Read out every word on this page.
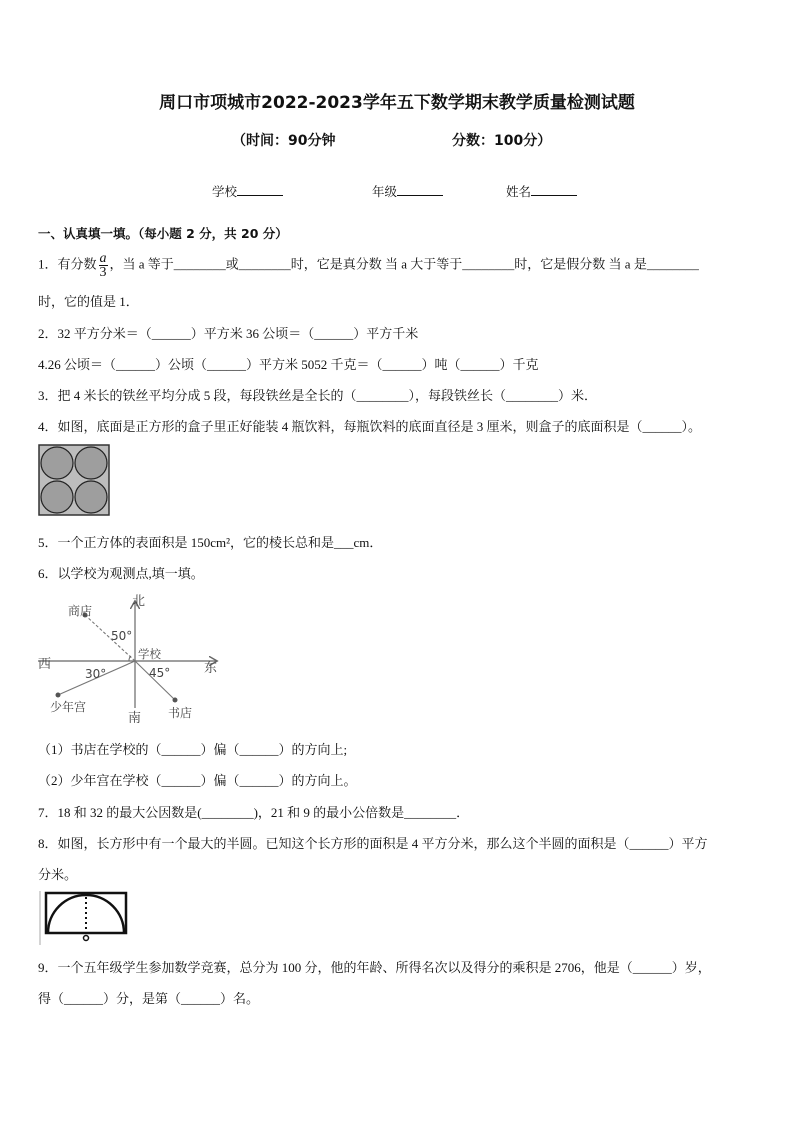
周口市项城市2022-2023学年五下数学期末教学质量检测试题
（时间：90分钟	分数：100分）
学校	年级	姓名
一、认真填一填。（每小题 2 分，共 20 分）
1．有分数 $\frac{a}{3}$ ，当 a 等于________或________时，它是真分数 当 a 大于等于________时，它是假分数 当 a 是________
时，它的值是 1．
2．32 平方分米＝（______）平方米 36 公顷＝（______）平方千米
4.26 公顷＝（______）公顷（______）平方米 5052 千克＝（______）吨（______）千克
3．把 4 米长的铁丝平均分成 5 段，每段铁丝是全长的（________），每段铁丝长（________）米．
4．如图，底面是正方形的盒子里正好能装 4 瓶饮料，每瓶饮料的底面直径是 3 厘米，则盒子的底面积是（______）。
5．一个正方体的表面积是 150cm²，它的棱长总和是___cm．
6．以学校为观测点,填一填。
北
南
东
西
学校
商店
书店
少年宫
50°
30°	45°
（1）书店在学校的（______）偏（______）的方向上;
（2）少年宫在学校（______）偏（______）的方向上。
7．18 和 32 的最大公因数是(________)，21 和 9 的最小公倍数是________．
8．如图，长方形中有一个最大的半圆。已知这个长方形的面积是 4 平方分米，那么这个半圆的面积是（______）平方
分米。
9．一个五年级学生参加数学竞赛，总分为 100 分，他的年龄、所得名次以及得分的乘积是 2706，他是（______）岁，
得（______）分，是第（______）名。
